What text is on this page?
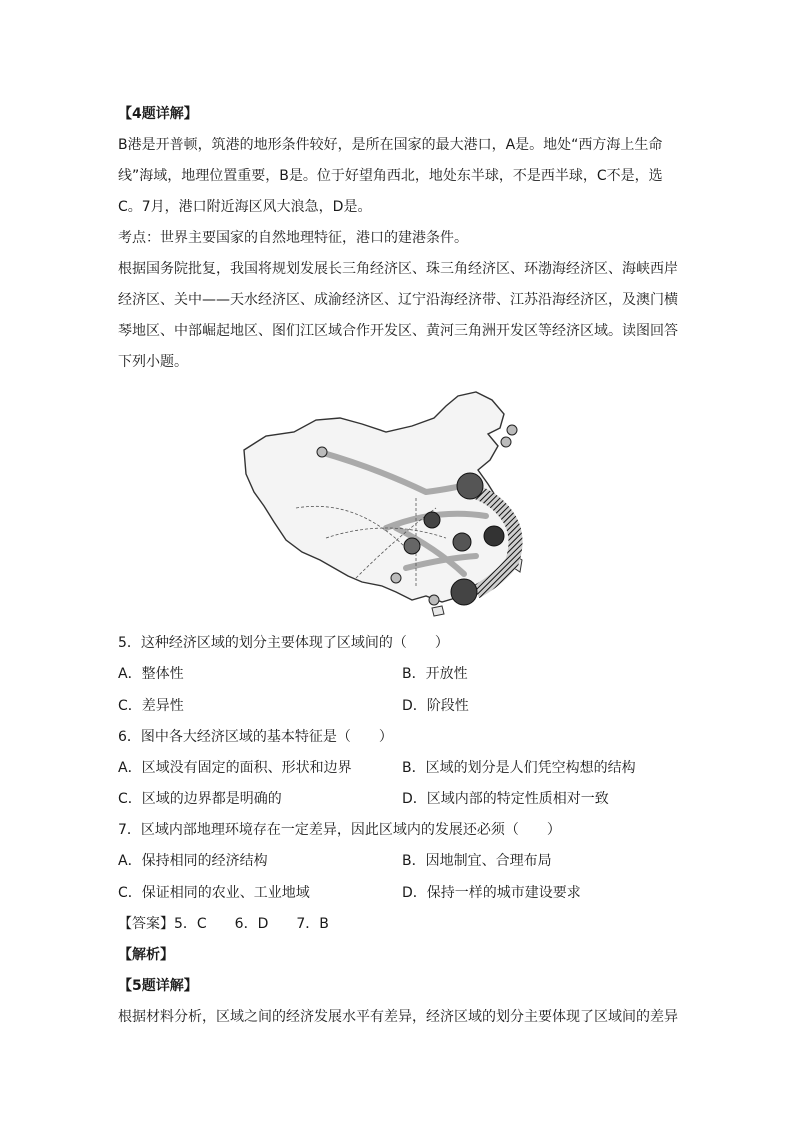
【4题详解】
B港是开普顿，筑港的地形条件较好，是所在国家的最大港口，A是。地处“西方海上生命
线”海域，地理位置重要，B是。位于好望角西北，地处东半球，不是西半球，C不是，选
C。7月，港口附近海区风大浪急，D是。
考点：世界主要国家的自然地理特征，港口的建港条件。
根据国务院批复，我国将规划发展长三角经济区、珠三角经济区、环渤海经济区、海峡西岸
经济区、关中——天水经济区、成渝经济区、辽宁沿海经济带、江苏沿海经济区，及澳门横
琴地区、中部崛起地区、图们江区域合作开发区、黄河三角洲开发区等经济区域。读图回答
下列小题。
5．这种经济区域的划分主要体现了区域间的（　　）
A．整体性	B．开放性
C．差异性	D．阶段性
6．图中各大经济区域的基本特征是（　　）
A．区域没有固定的面积、形状和边界	B．区域的划分是人们凭空构想的结构
C．区域的边界都是明确的	D．区域内部的特定性质相对一致
7．区域内部地理环境存在一定差异，因此区域内的发展还必须（　　）
A．保持相同的经济结构	B．因地制宜、合理布局
C．保证相同的农业、工业地域	D．保持一样的城市建设要求
【答案】5．C　　6．D　　7．B
【解析】
【5题详解】
根据材料分析，区域之间的经济发展水平有差异，经济区域的划分主要体现了区域间的差异
